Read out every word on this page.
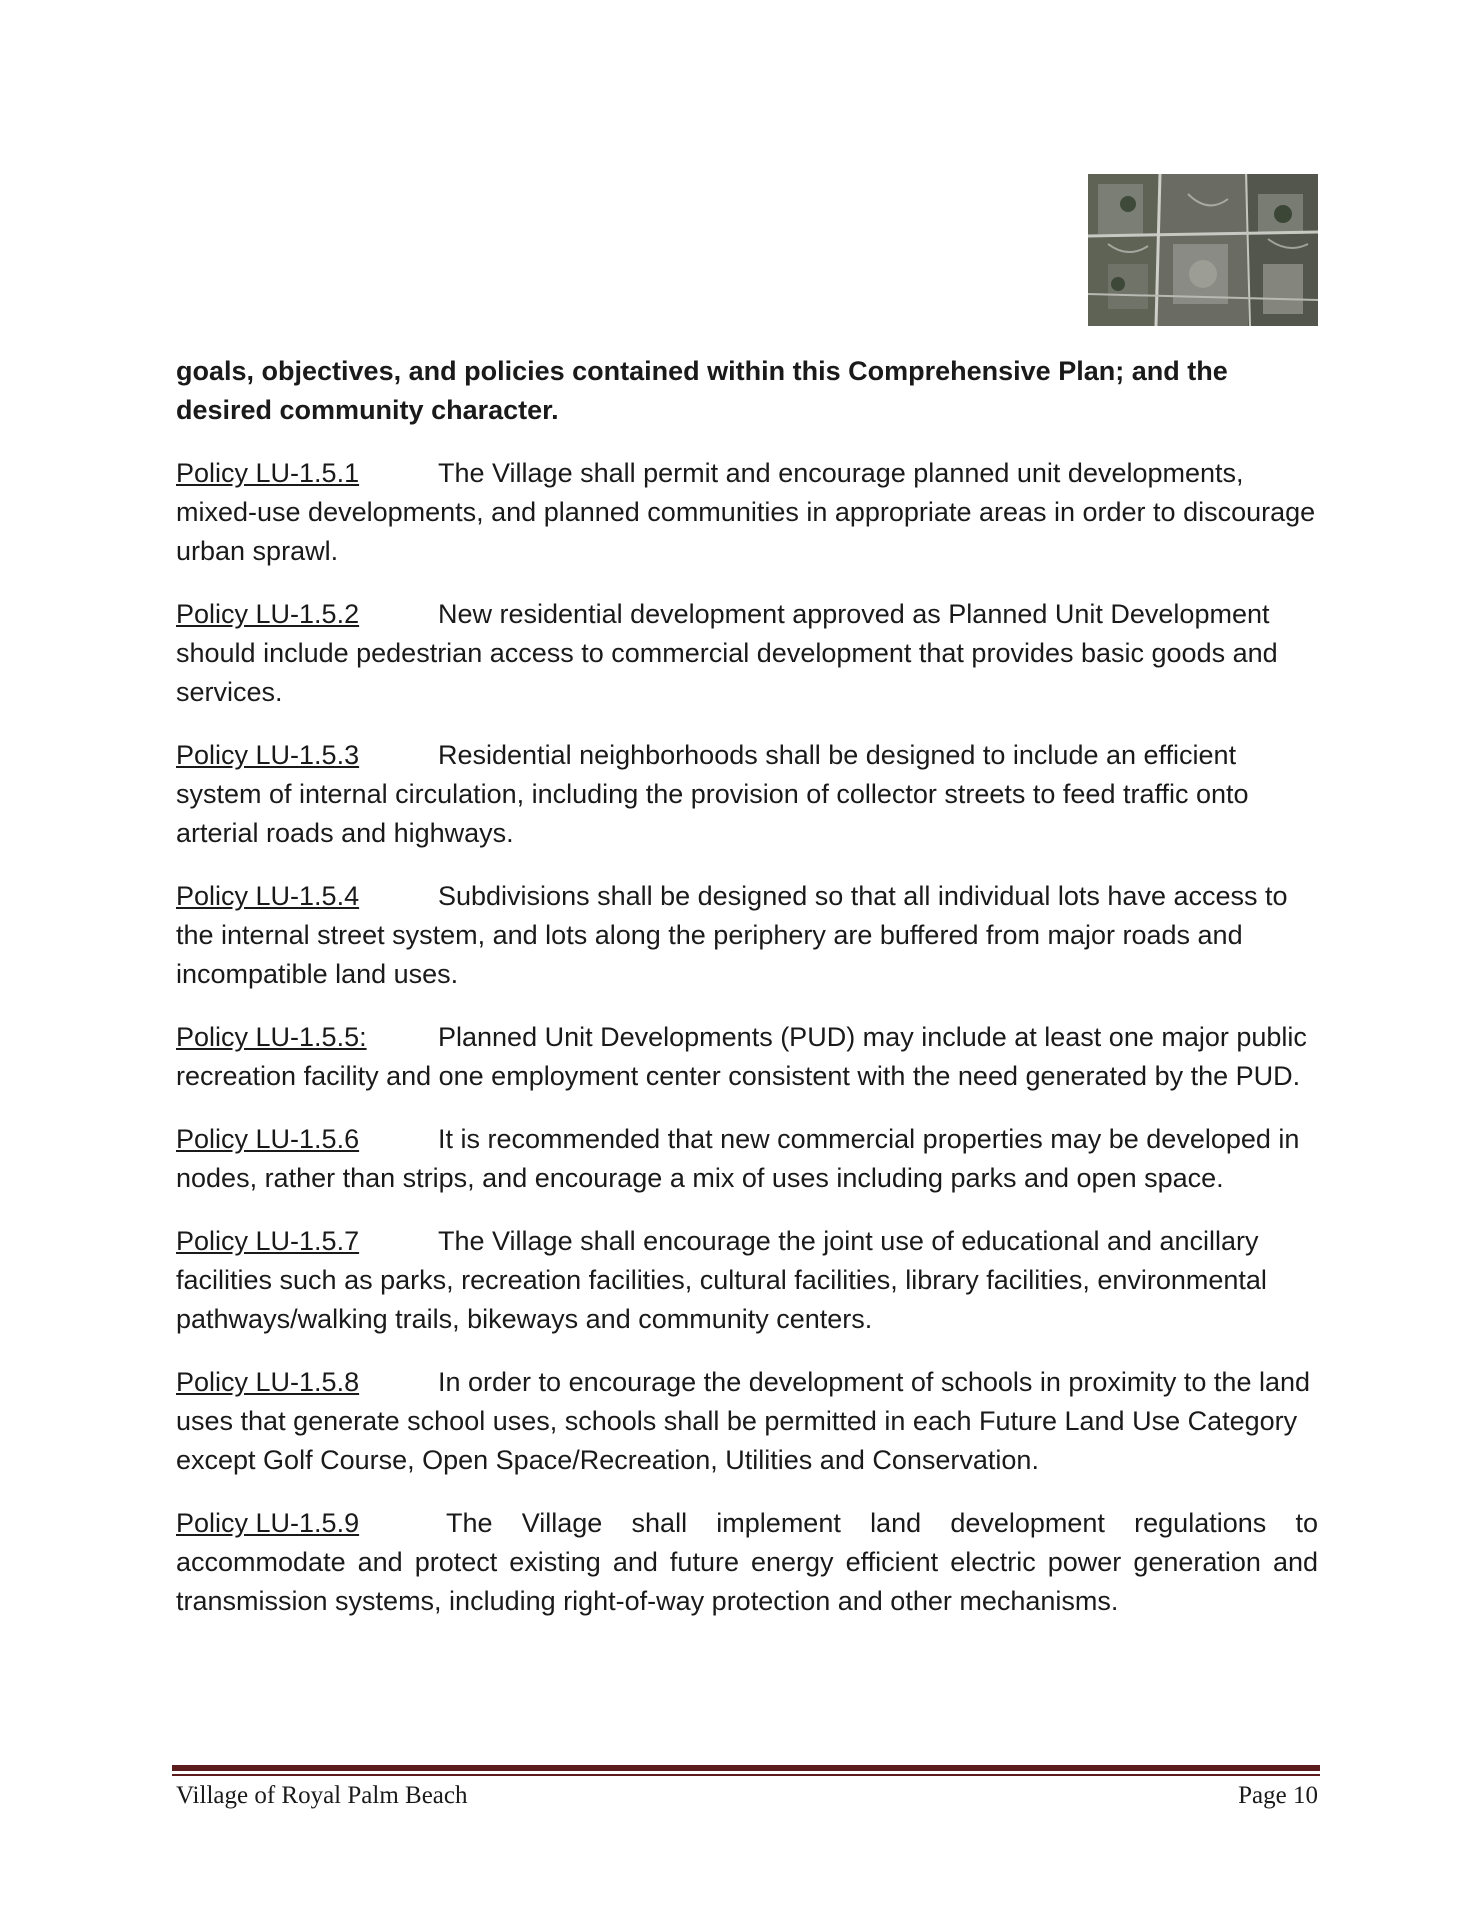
goals, objectives, and policies contained within this Comprehensive Plan; and the desired community character.

Policy LU-1.5.1	The Village shall permit and encourage planned unit developments, mixed-use developments, and planned communities in appropriate areas in order to discourage urban sprawl.

Policy LU-1.5.2	New residential development approved as Planned Unit Development should include pedestrian access to commercial development that provides basic goods and services.

Policy LU-1.5.3	Residential neighborhoods shall be designed to include an efficient system of internal circulation, including the provision of collector streets to feed traffic onto arterial roads and highways.

Policy LU-1.5.4	Subdivisions shall be designed so that all individual lots have access to the internal street system, and lots along the periphery are buffered from major roads and incompatible land uses.

Policy LU-1.5.5:	Planned Unit Developments (PUD) may include at least one major public recreation facility and one employment center consistent with the need generated by the PUD.

Policy LU-1.5.6	It is recommended that new commercial properties may be developed in nodes, rather than strips, and encourage a mix of uses including parks and open space.

Policy LU-1.5.7	The Village shall encourage the joint use of educational and ancillary facilities such as parks, recreation facilities, cultural facilities, library facilities, environmental pathways/walking trails, bikeways and community centers.

Policy LU-1.5.8	In order to encourage the development of schools in proximity to the land uses that generate school uses, schools shall be permitted in each Future Land Use Category except Golf Course, Open Space/Recreation, Utilities and Conservation.

Policy LU-1.5.9	The Village shall implement land development regulations to accommodate and protect existing and future energy efficient electric power generation and transmission systems, including right-of-way protection and other mechanisms.

Village of Royal Palm Beach	Page 10
